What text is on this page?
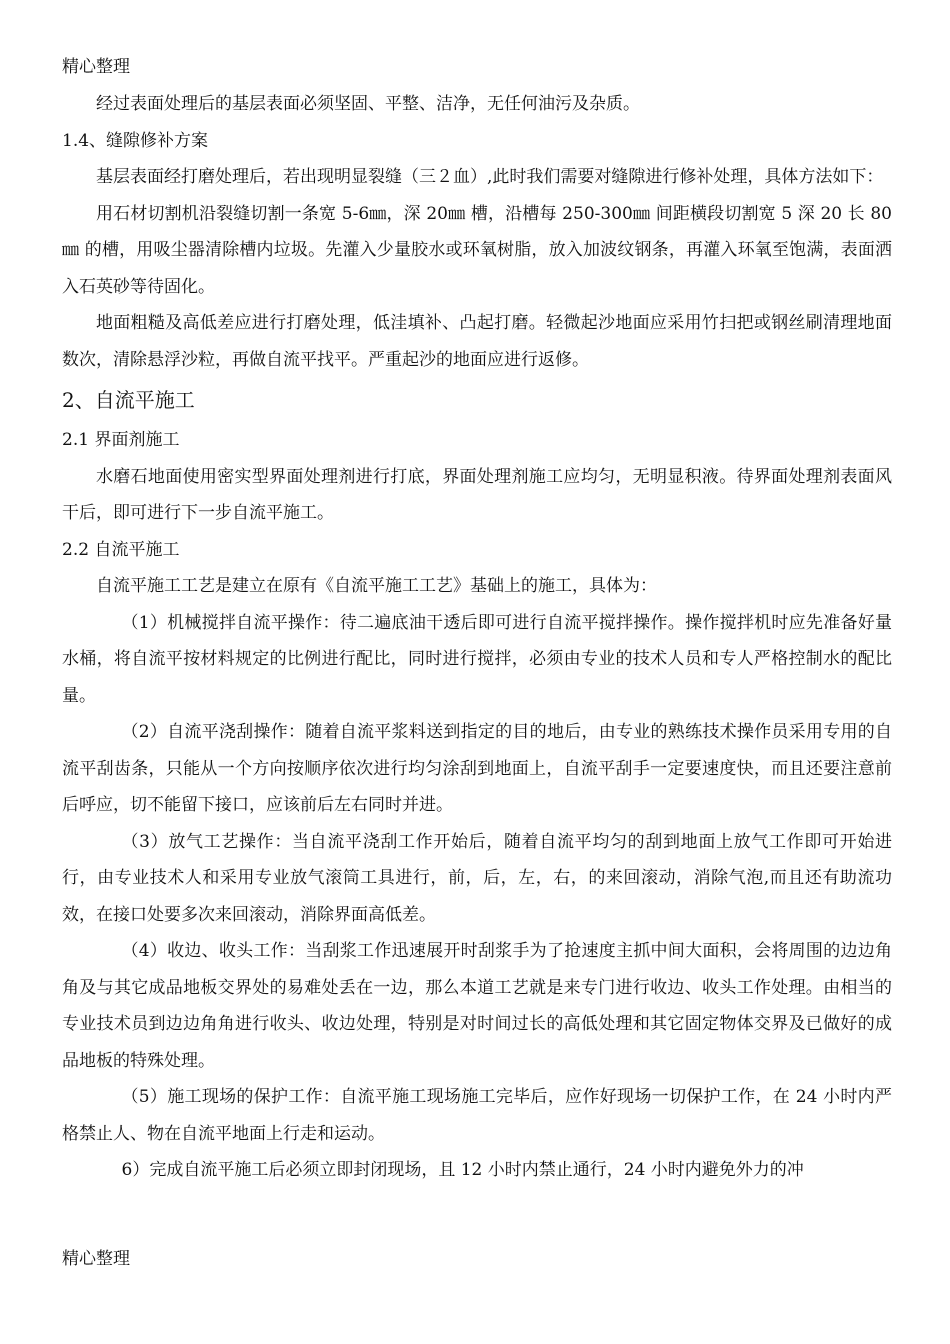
精心整理

经过表面处理后的基层表面必须坚固、平整、洁净，无任何油污及杂质。

1.4、缝隙修补方案

基层表面经打磨处理后，若出现明显裂缝（三２血）,此时我们需要对缝隙进行修补处理，具体方法如下：

用石材切割机沿裂缝切割一条宽 5-6㎜，深 20㎜ 槽，沿槽每 250-300㎜ 间距横段切割宽 5 深 20 长 80㎜ 的槽，用吸尘器清除槽内垃圾。先灌入少量胶水或环氧树脂，放入加波纹钢条，再灌入环氧至饱满，表面洒入石英砂等待固化。

地面粗糙及高低差应进行打磨处理，低洼填补、凸起打磨。轻微起沙地面应采用竹扫把或钢丝刷清理地面数次，清除悬浮沙粒，再做自流平找平。严重起沙的地面应进行返修。

2、自流平施工

2.1 界面剂施工

水磨石地面使用密实型界面处理剂进行打底，界面处理剂施工应均匀，无明显积液。待界面处理剂表面风干后，即可进行下一步自流平施工。

2.2 自流平施工

自流平施工工艺是建立在原有《自流平施工工艺》基础上的施工，具体为：

（1）机械搅拌自流平操作：待二遍底油干透后即可进行自流平搅拌操作。操作搅拌机时应先准备好量水桶，将自流平按材料规定的比例进行配比，同时进行搅拌，必须由专业的技术人员和专人严格控制水的配比量。

（2）自流平浇刮操作：随着自流平浆料送到指定的目的地后，由专业的熟练技术操作员采用专用的自流平刮齿条，只能从一个方向按顺序依次进行均匀涂刮到地面上，自流平刮手一定要速度快，而且还要注意前后呼应，切不能留下接口，应该前后左右同时并进。

（3）放气工艺操作：当自流平浇刮工作开始后，随着自流平均匀的刮到地面上放气工作即可开始进行，由专业技术人和采用专业放气滚筒工具进行，前，后，左，右，的来回滚动，消除气泡,而且还有助流功效，在接口处要多次来回滚动，消除界面高低差。

（4）收边、收头工作：当刮浆工作迅速展开时刮浆手为了抢速度主抓中间大面积，会将周围的边边角角及与其它成品地板交界处的易难处丢在一边，那么本道工艺就是来专门进行收边、收头工作处理。由相当的专业技术员到边边角角进行收头、收边处理，特别是对时间过长的高低处理和其它固定物体交界及已做好的成品地板的特殊处理。

（5）施工现场的保护工作：自流平施工现场施工完毕后，应作好现场一切保护工作，在 24 小时内严格禁止人、物在自流平地面上行走和运动。

6）完成自流平施工后必须立即封闭现场，且 12 小时内禁止通行，24 小时内避免外力的冲

精心整理
